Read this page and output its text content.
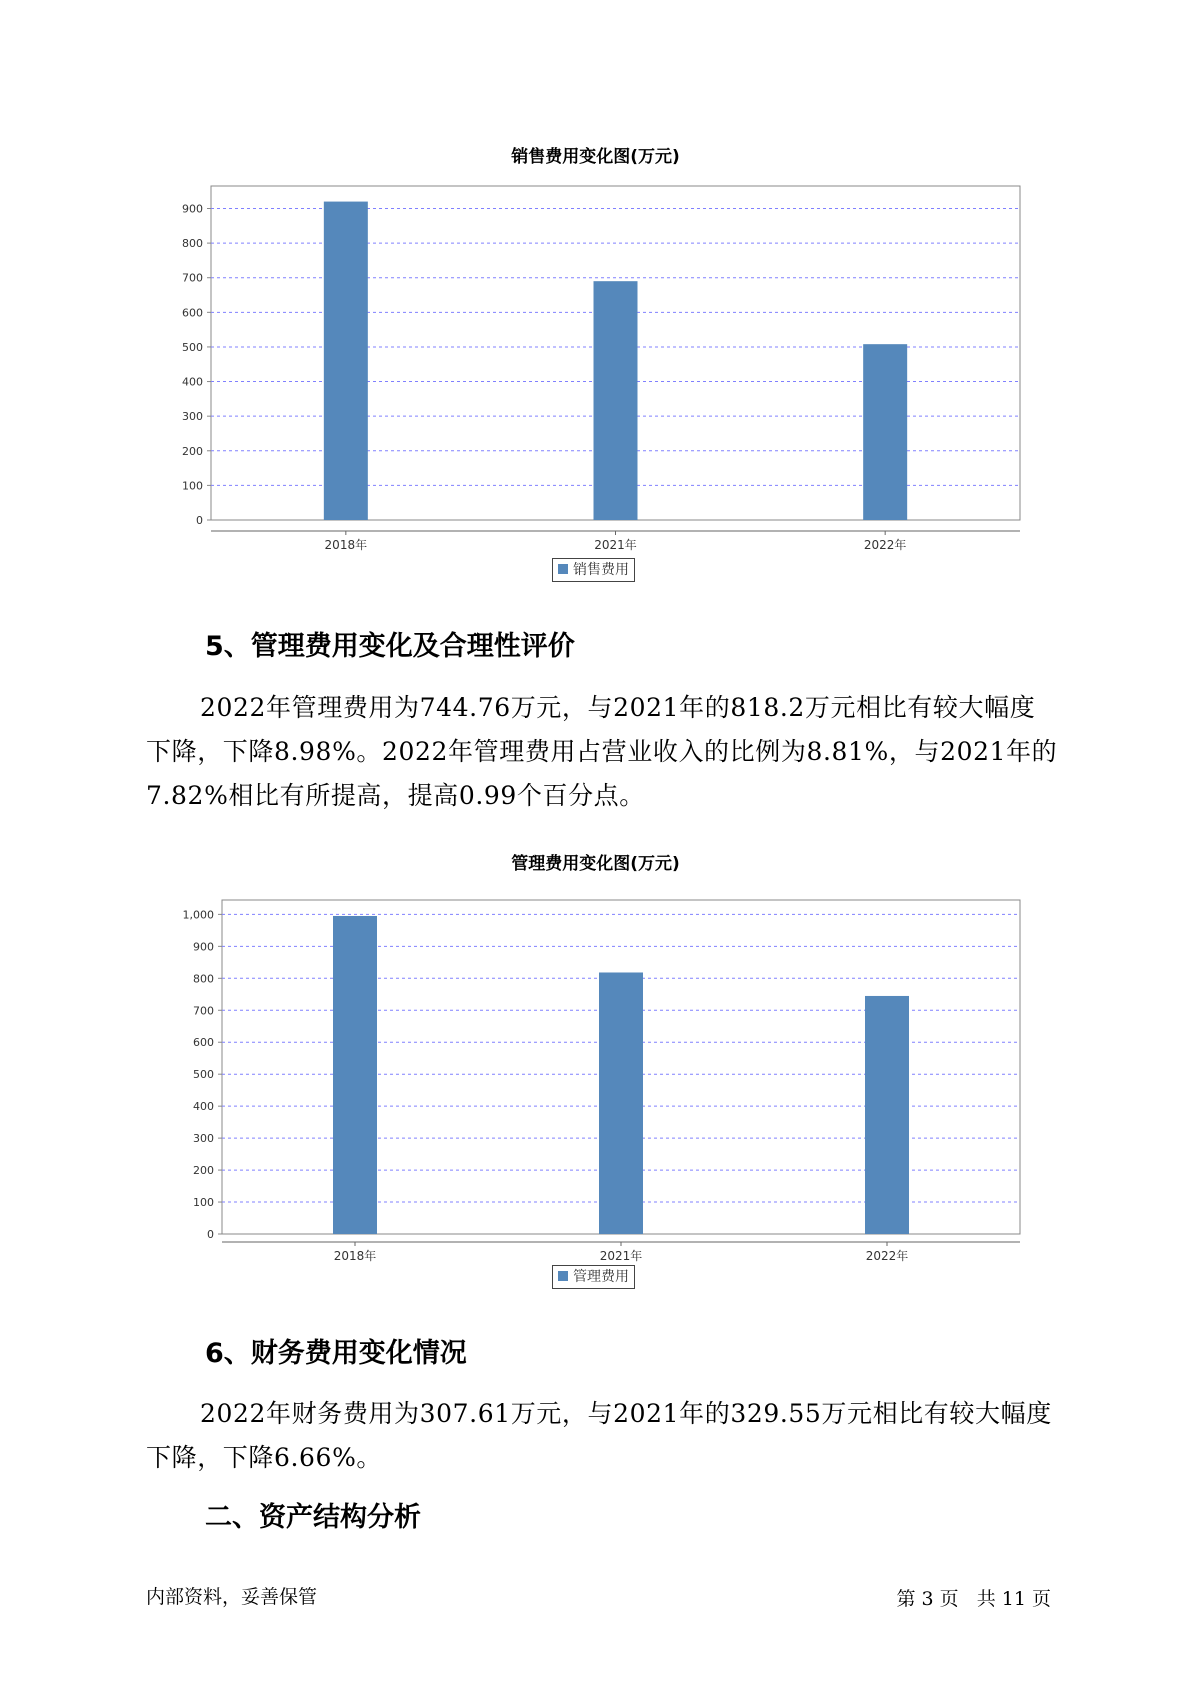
销售费用变化图(万元)
0
100
200
300
400
500
600
700
800
900
2018年	2021年	2022年
销售费用
5、管理费用变化及合理性评价
2022年管理费用为744.76万元，与2021年的818.2万元相比有较大幅度下降，下降8.98%。2022年管理费用占营业收入的比例为8.81%，与2021年的7.82%相比有所提高，提高0.99个百分点。
管理费用变化图(万元)
0
100
200
300
400
500
600
700
800
900
1,000
2018年	2021年	2022年
管理费用
6、财务费用变化情况
2022年财务费用为307.61万元，与2021年的329.55万元相比有较大幅度下降，下降6.66%。
二、资产结构分析
内部资料，妥善保管	第 3 页   共 11 页
